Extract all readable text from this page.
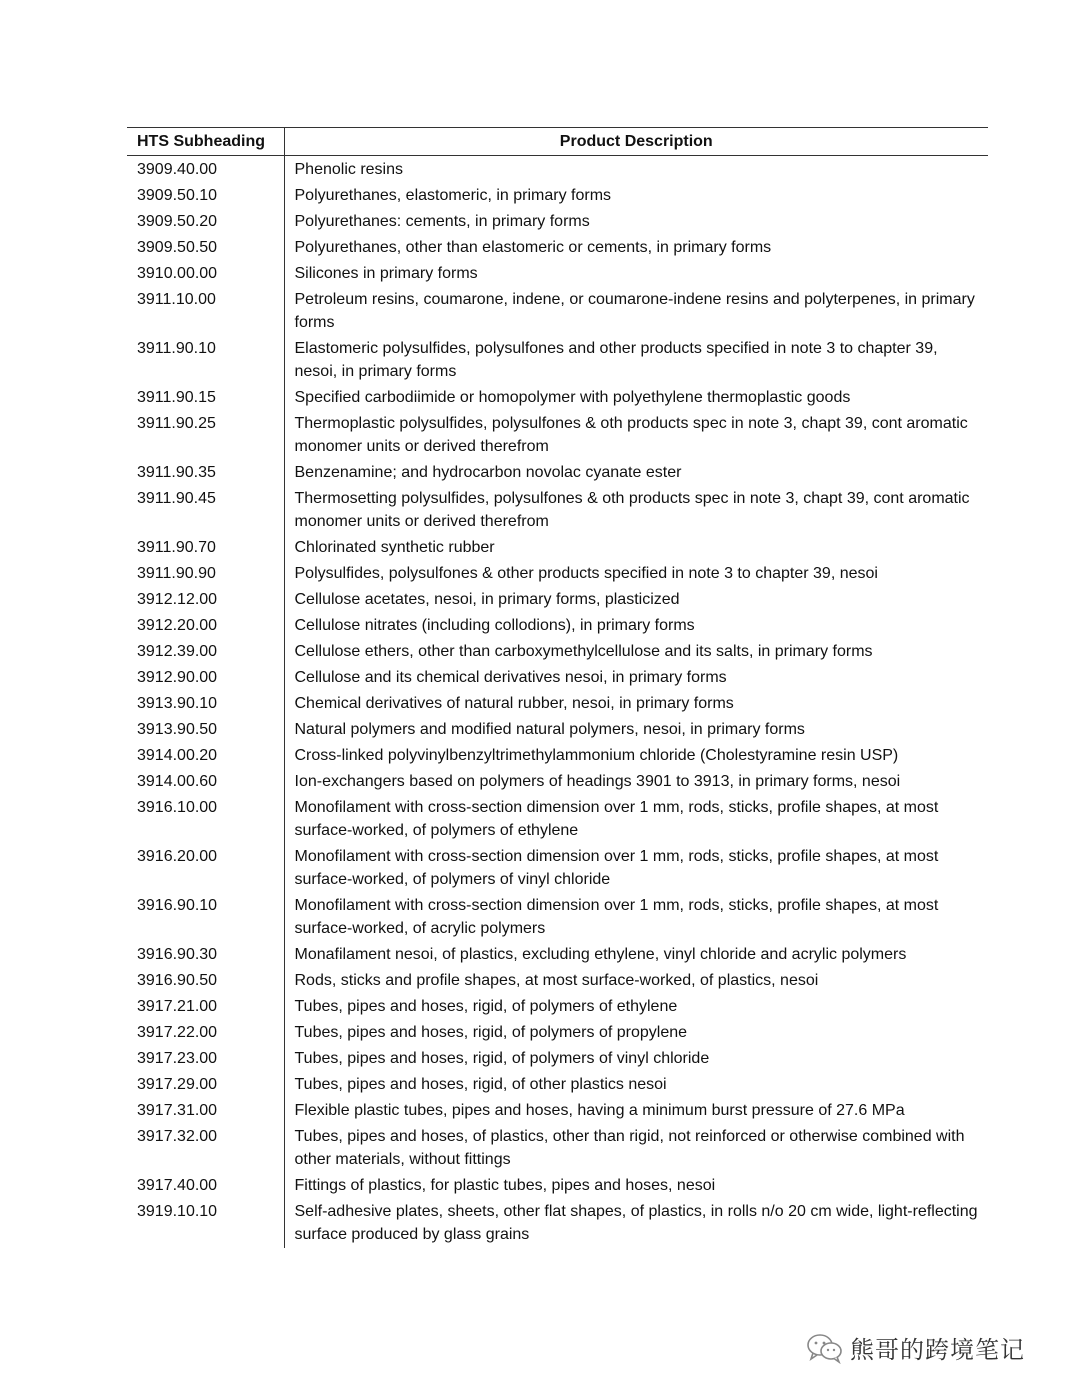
HTS Subheading	Product Description
3909.40.00	Phenolic resins
3909.50.10	Polyurethanes, elastomeric, in primary forms
3909.50.20	Polyurethanes: cements, in primary forms
3909.50.50	Polyurethanes, other than elastomeric or cements, in primary forms
3910.00.00	Silicones in primary forms
3911.10.00	Petroleum resins, coumarone, indene, or coumarone-indene resins and polyterpenes, in primary forms
3911.90.10	Elastomeric polysulfides, polysulfones and other products specified in note 3 to chapter 39, nesoi, in primary forms
3911.90.15	Specified carbodiimide or homopolymer with polyethylene thermoplastic goods
3911.90.25	Thermoplastic polysulfides, polysulfones & oth products spec in note 3, chapt 39, cont aromatic monomer units or derived therefrom
3911.90.35	Benzenamine; and hydrocarbon novolac cyanate ester
3911.90.45	Thermosetting polysulfides, polysulfones & oth products spec in note 3, chapt 39, cont aromatic monomer units or derived therefrom
3911.90.70	Chlorinated synthetic rubber
3911.90.90	Polysulfides, polysulfones & other products specified in note 3 to chapter 39, nesoi
3912.12.00	Cellulose acetates, nesoi, in primary forms, plasticized
3912.20.00	Cellulose nitrates (including collodions), in primary forms
3912.39.00	Cellulose ethers, other than carboxymethylcellulose and its salts, in primary forms
3912.90.00	Cellulose and its chemical derivatives nesoi, in primary forms
3913.90.10	Chemical derivatives of natural rubber, nesoi, in primary forms
3913.90.50	Natural polymers and modified natural polymers, nesoi, in primary forms
3914.00.20	Cross-linked polyvinylbenzyltrimethylammonium chloride (Cholestyramine resin USP)
3914.00.60	Ion-exchangers based on polymers of headings 3901 to 3913, in primary forms, nesoi
3916.10.00	Monofilament with cross-section dimension over 1 mm, rods, sticks, profile shapes, at most surface-worked, of polymers of ethylene
3916.20.00	Monofilament with cross-section dimension over 1 mm, rods, sticks, profile shapes, at most surface-worked, of polymers of vinyl chloride
3916.90.10	Monofilament with cross-section dimension over 1 mm, rods, sticks, profile shapes, at most surface-worked, of acrylic polymers
3916.90.30	Monafilament nesoi, of plastics, excluding ethylene, vinyl chloride and acrylic polymers
3916.90.50	Rods, sticks and profile shapes, at most surface-worked, of plastics, nesoi
3917.21.00	Tubes, pipes and hoses, rigid, of polymers of ethylene
3917.22.00	Tubes, pipes and hoses, rigid, of polymers of propylene
3917.23.00	Tubes, pipes and hoses, rigid, of polymers of vinyl chloride
3917.29.00	Tubes, pipes and hoses, rigid, of other plastics nesoi
3917.31.00	Flexible plastic tubes, pipes and hoses, having a minimum burst pressure of 27.6 MPa
3917.32.00	Tubes, pipes and hoses, of plastics, other than rigid, not reinforced or otherwise combined with other materials, without fittings
3917.40.00	Fittings of plastics, for plastic tubes, pipes and hoses, nesoi
3919.10.10	Self-adhesive plates, sheets, other flat shapes, of plastics, in rolls n/o 20 cm wide, light-reflecting surface produced by glass grains
熊哥的跨境笔记
